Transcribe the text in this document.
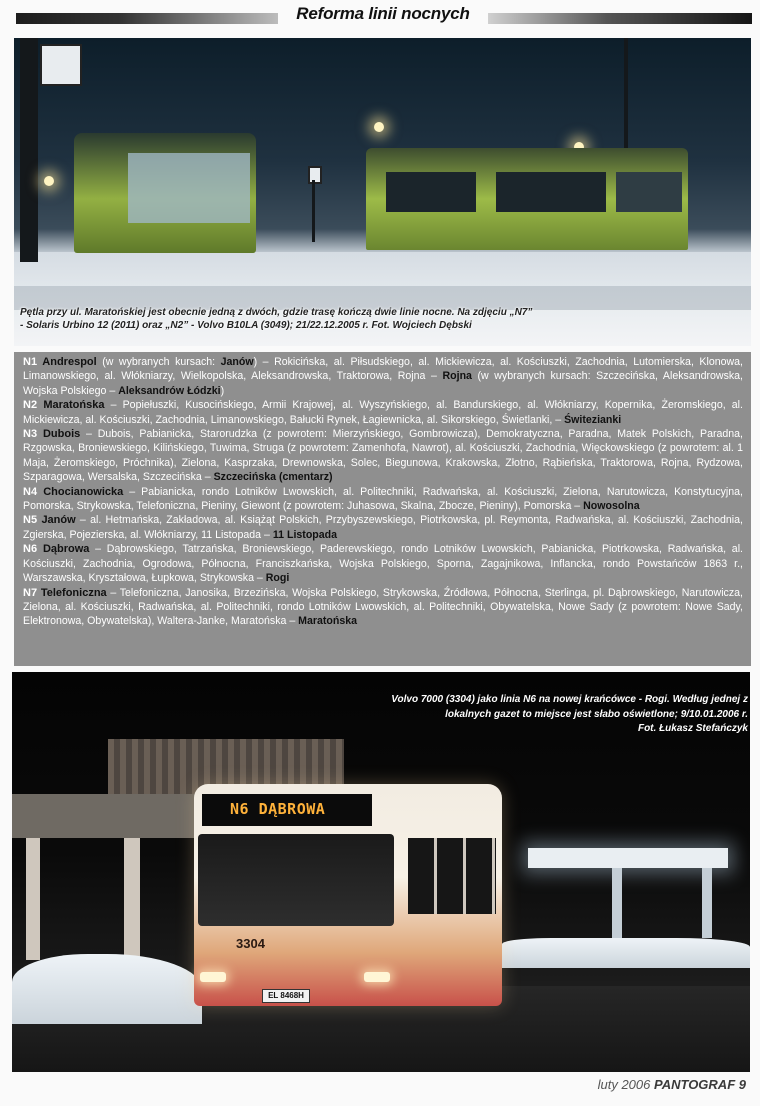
Reforma linii nocnych
Pętla przy ul. Maratońskiej jest obecnie jedną z dwóch, gdzie trasę kończą dwie linie nocne. Na zdjęciu „N7”
- Solaris Urbino 12 (2011) oraz „N2” - Volvo B10LA (3049); 21/22.12.2005 r. Fot. Wojciech Dębski
N1 Andrespol (w wybranych kursach: Janów) – Rokicińska, al. Piłsudskiego, al. Mickiewicza, al. Kościuszki, Zachodnia, Lutomierska, Klonowa, Limanowskiego, al. Włókniarzy, Wielkopolska, Aleksandrowska, Traktorowa, Rojna – Rojna (w wybranych kursach: Szczecińska, Aleksandrowska, Wojska Polskiego – Aleksandrów Łódzki)
N2 Maratońska – Popiełuszki, Kusocińskiego, Armii Krajowej, al. Wyszyńskiego, al. Bandurskiego, al. Włókniarzy, Kopernika, Żeromskiego, al. Mickiewicza, al. Kościuszki, Zachodnia, Limanowskiego, Bałucki Rynek, Łagiewnicka, al. Sikorskiego, Świetlanki, – Świtezianki
N3 Dubois – Dubois, Pabianicka, Starorudzka (z powrotem: Mierzyńskiego, Gombrowicza), Demokratyczna, Paradna, Matek Polskich, Paradna, Rzgowska, Broniewskiego, Kilińskiego, Tuwima, Struga (z powrotem: Zamenhofa, Nawrot), al. Kościuszki, Zachodnia, Więckowskiego (z powrotem: al. 1 Maja, Żeromskiego, Próchnika), Zielona, Kasprzaka, Drewnowska, Solec, Biegunowa, Krakowska, Złotno, Rąbieńska, Traktorowa, Rojna, Rydzowa, Szparagowa, Wersalska, Szczecińska – Szczecińska (cmentarz)
N4 Chocianowicka – Pabianicka, rondo Lotników Lwowskich, al. Politechniki, Radwańska, al. Kościuszki, Zielona, Narutowicza, Konstytucyjna, Pomorska, Strykowska, Telefoniczna, Pieniny, Giewont (z powrotem: Juhasowa, Skalna, Zbocze, Pieniny), Pomorska – Nowosolna
N5 Janów – al. Hetmańska, Zakładowa, al. Książąt Polskich, Przybyszewskiego, Piotrkowska, pl. Reymonta, Radwańska, al. Kościuszki, Zachodnia, Zgierska, Pojezierska, al. Włókniarzy, 11 Listopada – 11 Listopada
N6 Dąbrowa – Dąbrowskiego, Tatrzańska, Broniewskiego, Paderewskiego, rondo Lotników Lwowskich, Pabianicka, Piotrkowska, Radwańska, al. Kościuszki, Zachodnia, Ogrodowa, Północna, Franciszkańska, Wojska Polskiego, Sporna, Zagajnikowa, Inflancka, rondo Powstańców 1863 r., Warszawska, Kryształowa, Łupkowa, Strykowska – Rogi
N7 Telefoniczna – Telefoniczna, Janosika, Brzezińska, Wojska Polskiego, Strykowska, Źródłowa, Północna, Sterlinga, pl. Dąbrowskiego, Narutowicza, Zielona, al. Kościuszki, Radwańska, al. Politechniki, rondo Lotników Lwowskich, al. Politechniki, Obywatelska, Nowe Sady (z powrotem: Nowe Sady, Elektronowa, Obywatelska), Waltera-Janke, Maratońska – Maratońska
Volvo 7000 (3304) jako linia N6 na nowej krańcówce - Rogi. Według jednej z
lokalnych gazet to miejsce jest słabo oświetlone; 9/10.01.2006 r.
Fot. Łukasz Stefańczyk
N6 DĄBROWA
3304
EL 8468H
luty 2006 PANTOGRAF 9
